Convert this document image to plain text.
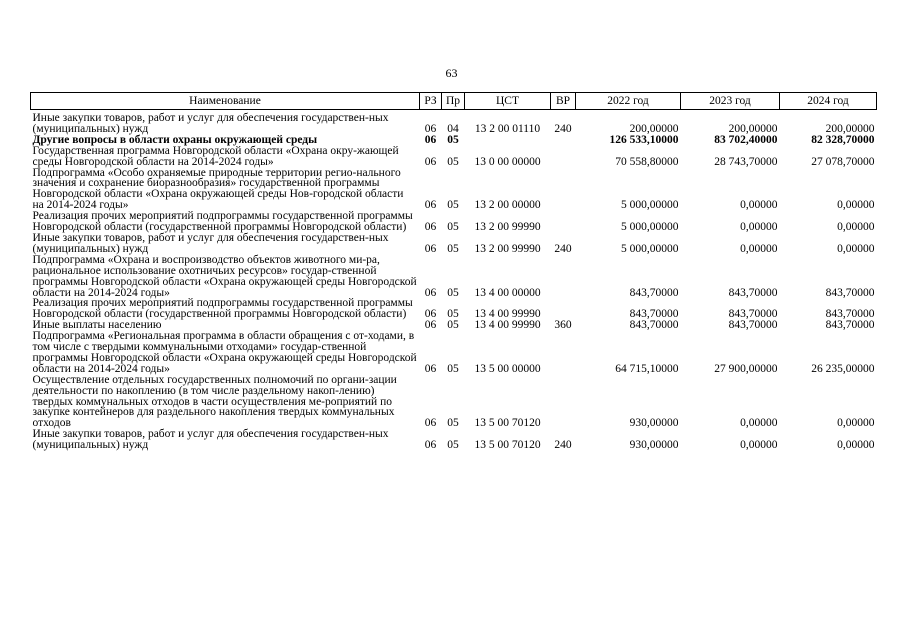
63
Наименование	РЗ	Пр	ЦСТ	ВР	2022 год	2023 год	2024 год
Иные закупки товаров, работ и услуг для обеспечения государствен-ных (муниципальных) нужд	06	04	13 2 00 01110	240	200,00000	200,00000	200,00000
Другие вопросы в области охраны окружающей среды	06	05			126 533,10000	83 702,40000	82 328,70000
Государственная программа Новгородской области «Охрана окру-жающей среды Новгородской области на 2014-2024 годы»	06	05	13 0 00 00000		70 558,80000	28 743,70000	27 078,70000
Подпрограмма «Особо охраняемые природные территории регио-нального значения и сохранение биоразнообразия» государственной программы Новгородской области «Охрана окружающей среды Нов-городской области на 2014-2024 годы»	06	05	13 2 00 00000		5 000,00000	0,00000	0,00000
Реализация прочих мероприятий подпрограммы государственной программы Новгородской области (государственной программы Новгородской области)	06	05	13 2 00 99990		5 000,00000	0,00000	0,00000
Иные закупки товаров, работ и услуг для обеспечения государствен-ных (муниципальных) нужд	06	05	13 2 00 99990	240	5 000,00000	0,00000	0,00000
Подпрограмма «Охрана и воспроизводство объектов животного ми-ра, рациональное использование охотничьих ресурсов» государ-ственной программы Новгородской области «Охрана окружающей среды Новгородской области на 2014-2024 годы»	06	05	13 4 00 00000		843,70000	843,70000	843,70000
Реализация прочих мероприятий подпрограммы государственной программы Новгородской области (государственной программы Новгородской области)	06	05	13 4 00 99990		843,70000	843,70000	843,70000
Иные выплаты населению	06	05	13 4 00 99990	360	843,70000	843,70000	843,70000
Подпрограмма «Региональная программа в области обращения с от-ходами, в том числе с твердыми коммунальными отходами» государ-ственной программы Новгородской области «Охрана окружающей среды Новгородской области на 2014-2024 годы»	06	05	13 5 00 00000		64 715,10000	27 900,00000	26 235,00000
Осуществление отдельных государственных полномочий по органи-зации деятельности по накоплению (в том числе раздельному накоп-лению) твердых коммунальных отходов в части осуществления ме-роприятий по закупке контейнеров для раздельного накопления твердых коммунальных отходов	06	05	13 5 00 70120		930,00000	0,00000	0,00000
Иные закупки товаров, работ и услуг для обеспечения государствен-ных (муниципальных) нужд	06	05	13 5 00 70120	240	930,00000	0,00000	0,00000
